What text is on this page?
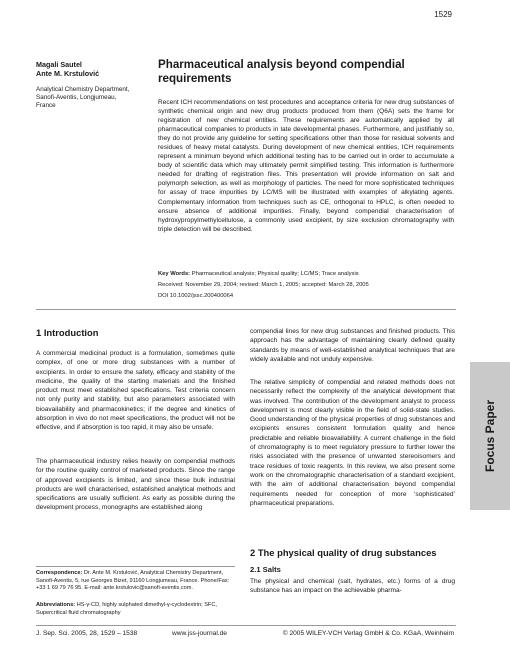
1529
Magali Sautel
Ante M. Krstulović
Analytical Chemistry Department, Sanofi-Aventis, Longjumeau, France
Pharmaceutical analysis beyond compendial requirements

Recent ICH recommendations on test procedures and acceptance criteria for new drug substances of synthetic chemical origin and new drug products produced from them (Q6A) sets the frame for registration of new chemical entities. These requirements are automatically applied by all pharmaceutical companies to products in late developmental phases. Furthermore, and justifiably so, they do not provide any guideline for setting specifications other than those for residual solvents and residues of heavy metal catalysts. During development of new chemical entities, ICH requirements represent a minimum beyond which additional testing has to be carried out in order to accumulate a body of scientific data which may ultimately permit simplified testing. This information is furthermore needed for drafting of registration files. This presentation will provide information on salt and polymorph selection, as well as morphology of particles. The need for more sophisticated techniques for assay of trace impurities by LC/MS will be illustrated with examples of alkylating agents. Complementary information from techniques such as CE, orthogonal to HPLC, is often needed to ensure absence of additional impurities. Finally, beyond compendial characterisation of hydroxypropylmethylcellulose, a commonly used excipient, by size exclusion chromatography with triple detection will be described.

Key Words: Pharmaceutical analysis; Physical quality; LC/MS; Trace analysis
Received: November 29, 2004; revised: March 1, 2005; accepted: March 28, 2005
DOI 10.1002/jssc.200400064
1 Introduction

A commercial medicinal product is a formulation, sometimes quite complex, of one or more drug substances with a number of excipients. In order to ensure the safety, efficacy and stability of the medicine, the quality of the starting materials and the finished product must meet established specifications. Test criteria concern not only purity and stability, but also parameters associated with bioavailability and pharmacokinetics; if the degree and kinetics of absorption in vivo do not meet specifications, the product will not be effective, and if absorption is too rapid, it may also be unsafe.

The pharmaceutical industry relies heavily on compendial methods for the routine quality control of marketed products. Since the range of approved excipients is limited, and since these bulk industrial products are well characterised, established analytical methods and specifications are usually sufficient. As early as possible during the development process, monographs are established along

compendial lines for new drug substances and finished products. This approach has the advantage of maintaining clearly defined quality standards by means of well-established analytical techniques that are widely available and not unduly expensive.

The relative simplicity of compendial and related methods does not necessarily reflect the complexity of the analytical development that was involved. The contribution of the development analyst to process development is most clearly visible in the field of solid-state studies. Good understanding of the physical properties of drug substances and excipients ensures consistent formulation quality and hence predictable and reliable bioavailability. A current challenge in the field of chromatography is to meet regulatory pressure to further lower the risks associated with the presence of unwanted stereoisomers and trace residues of toxic reagents. In this review, we also present some work on the chromatographic characterisation of a standard excipient, with the aim of additional characterisation beyond compendial requirements needed for conception of more ‘sophisticated’ pharmaceutical preparations.

2 The physical quality of drug substances
2.1 Salts

The physical and chemical (salt, hydrates, etc.) forms of a drug substance has an impact on the achievable pharma-

Correspondence: Dr. Ante M. Krstulović, Analytical Chemistry Department, Sanofi-Aventis, 5, rue Georges Bizet, 91160 Longjumeau, France. Phone/Fax: +33 1 69 79 76 95. E-mail: ante.krstulovic@sanofi-aventis.com.
Abbreviations: HS-γ-CD, highly sulphated dimethyl-γ-cyclodextrin; SFC, Supercritical fluid chromatography
J. Sep. Sci. 2005, 28, 1529 – 1538	www.jss-journal.de	© 2005 WILEY-VCH Verlag GmbH & Co. KGaA, Weinheim
Focus Paper
